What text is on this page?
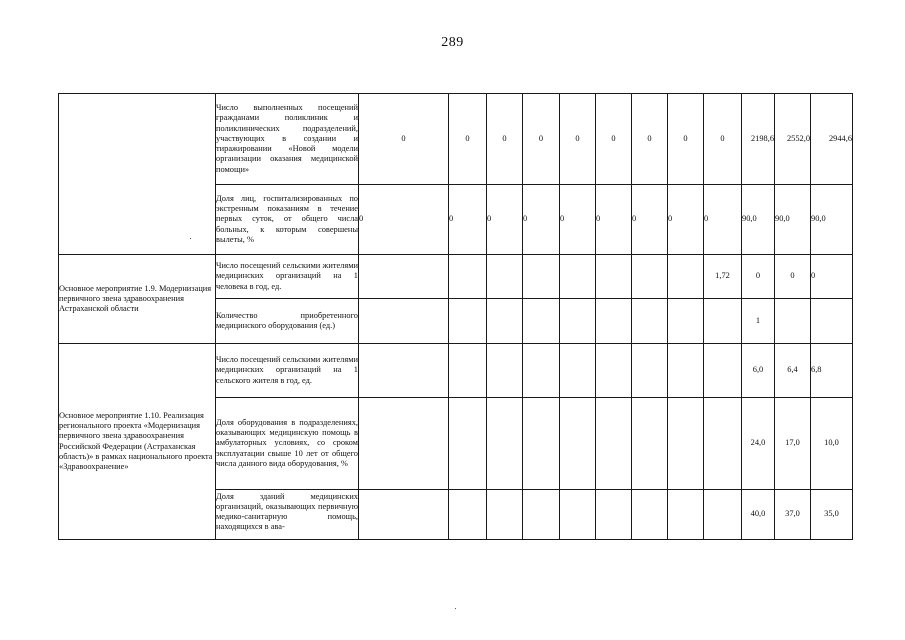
289
	Число выполненных посещений гражданами поликлиник и поликлинических подразделений, участвующих в создании и тиражировании «Новой модели организации оказания медицинской помощи»	0	0	0	0	0	0	0	0	0	2198,6	2552,0	2944,6
	Доля лиц, госпитализированных по экстренным показаниям в течение первых суток, от общего числа больных, к которым совершены вылеты, %	0	0	0	0	0	0	0	0	0	90,0	90,0	90,0
Основное мероприятие 1.9. Модернизация первичного звена здравоохранения Астраханской области	Число посещений сельскими жителями медицинских организаций на 1 человека в год, ед.									1,72	0	0	0
	Количество приобретенного медицинского оборудования (ед.)										1		
Основное мероприятие 1.10. Реализация регионального проекта «Модернизация первичного звена здравоохранения Российской Федерации (Астраханская область)» в рамках национального проекта «Здравоохранение»	Число посещений сельскими жителями медицинских организаций на 1 сельского жителя в год, ед.										6,0	6,4	6,8
	Доля оборудования в подразделениях, оказывающих медицинскую помощь в амбулаторных условиях, со сроком эксплуатации свыше 10 лет от общего числа данного вида оборудования, %										24,0	17,0	10,0

	Доля зданий медицинских организаций, оказывающих первичную медико-санитарную помощь, находящихся в ава-										40,0	37,0	35,0
